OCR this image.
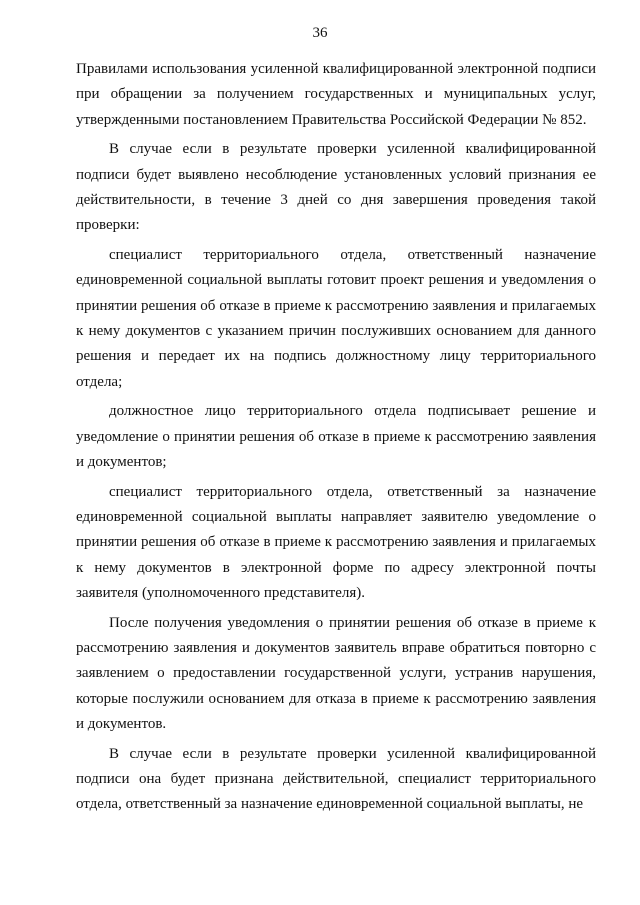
36

Правилами использования усиленной квалифицированной электронной подписи при обращении за получением государственных и муниципальных услуг, утвержденными постановлением Правительства Российской Федерации № 852.

В случае если в результате проверки усиленной квалифицированной подписи будет выявлено несоблюдение установленных условий признания ее действительности, в течение 3 дней со дня завершения проведения такой проверки:

специалист территориального отдела, ответственный назначение единовременной социальной выплаты готовит проект решения и уведомления о принятии решения об отказе в приеме к рассмотрению заявления и прилагаемых к нему документов с указанием причин послуживших основанием для данного решения и передает их на подпись должностному лицу территориального отдела;

должностное лицо территориального отдела подписывает решение и уведомление о принятии решения об отказе в приеме к рассмотрению заявления и документов;

специалист территориального отдела, ответственный за назначение единовременной социальной выплаты направляет заявителю уведомление о принятии решения об отказе в приеме к рассмотрению заявления и прилагаемых к нему документов в электронной форме по адресу электронной почты заявителя (уполномоченного представителя).

После получения уведомления о принятии решения об отказе в приеме к рассмотрению заявления и документов заявитель вправе обратиться повторно с заявлением о предоставлении государственной услуги, устранив нарушения, которые послужили основанием для отказа в приеме к рассмотрению заявления и документов.

В случае если в результате проверки усиленной квалифицированной подписи она будет признана действительной, специалист территориального отдела, ответственный за назначение единовременной социальной выплаты, не
